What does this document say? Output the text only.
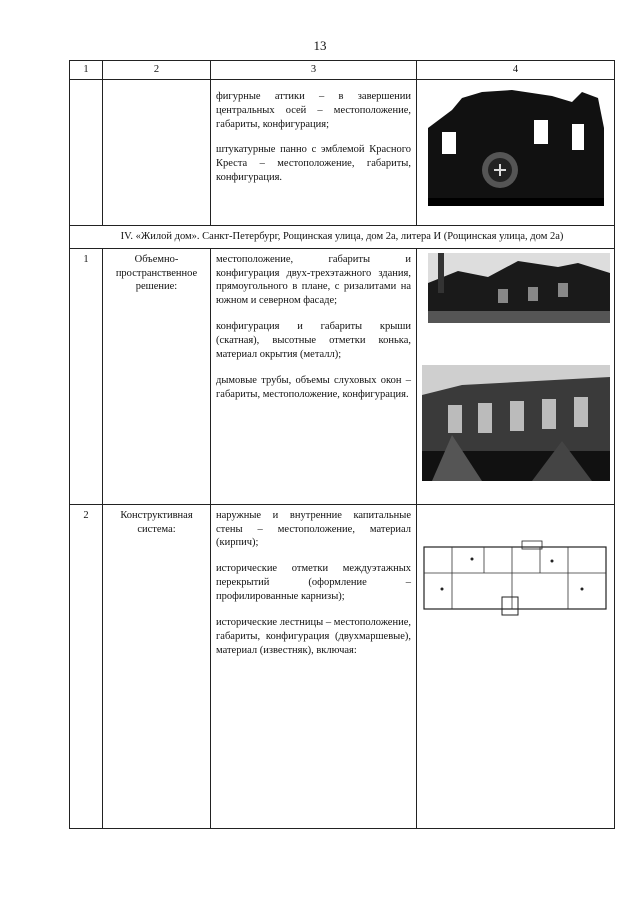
13
1	2	3	4

		фигурные аттики – в завершении центральных осей – местоположение, габариты, конфигурация;

штукатурные панно с эмблемой Красного Креста – местоположение, габариты, конфигурация.

IV. «Жилой дом». Санкт-Петербург, Рощинская улица, дом 2а, литера И (Рощинская улица, дом 2а)			
1	Объемно-пространственное решение:	местоположение, габариты и конфигурация двух-трехэтажного здания, прямоугольного в плане, с ризалитами на южном и северном фасаде;

конфигурация и габариты крыши (скатная), высотные отметки конька, материал окрытия (металл);

дымовые трубы, объемы слуховых окон – габариты, местоположение, конфигурация.

2	Конструктивная система:	наружные и внутренние капитальные стены – местоположение, материал (кирпич);

исторические отметки междуэтажных перекрытий (оформление – профилированные карнизы);

исторические лестницы – местоположение, габариты, конфигурация (двухмаршевые), материал (известняк), включая:
